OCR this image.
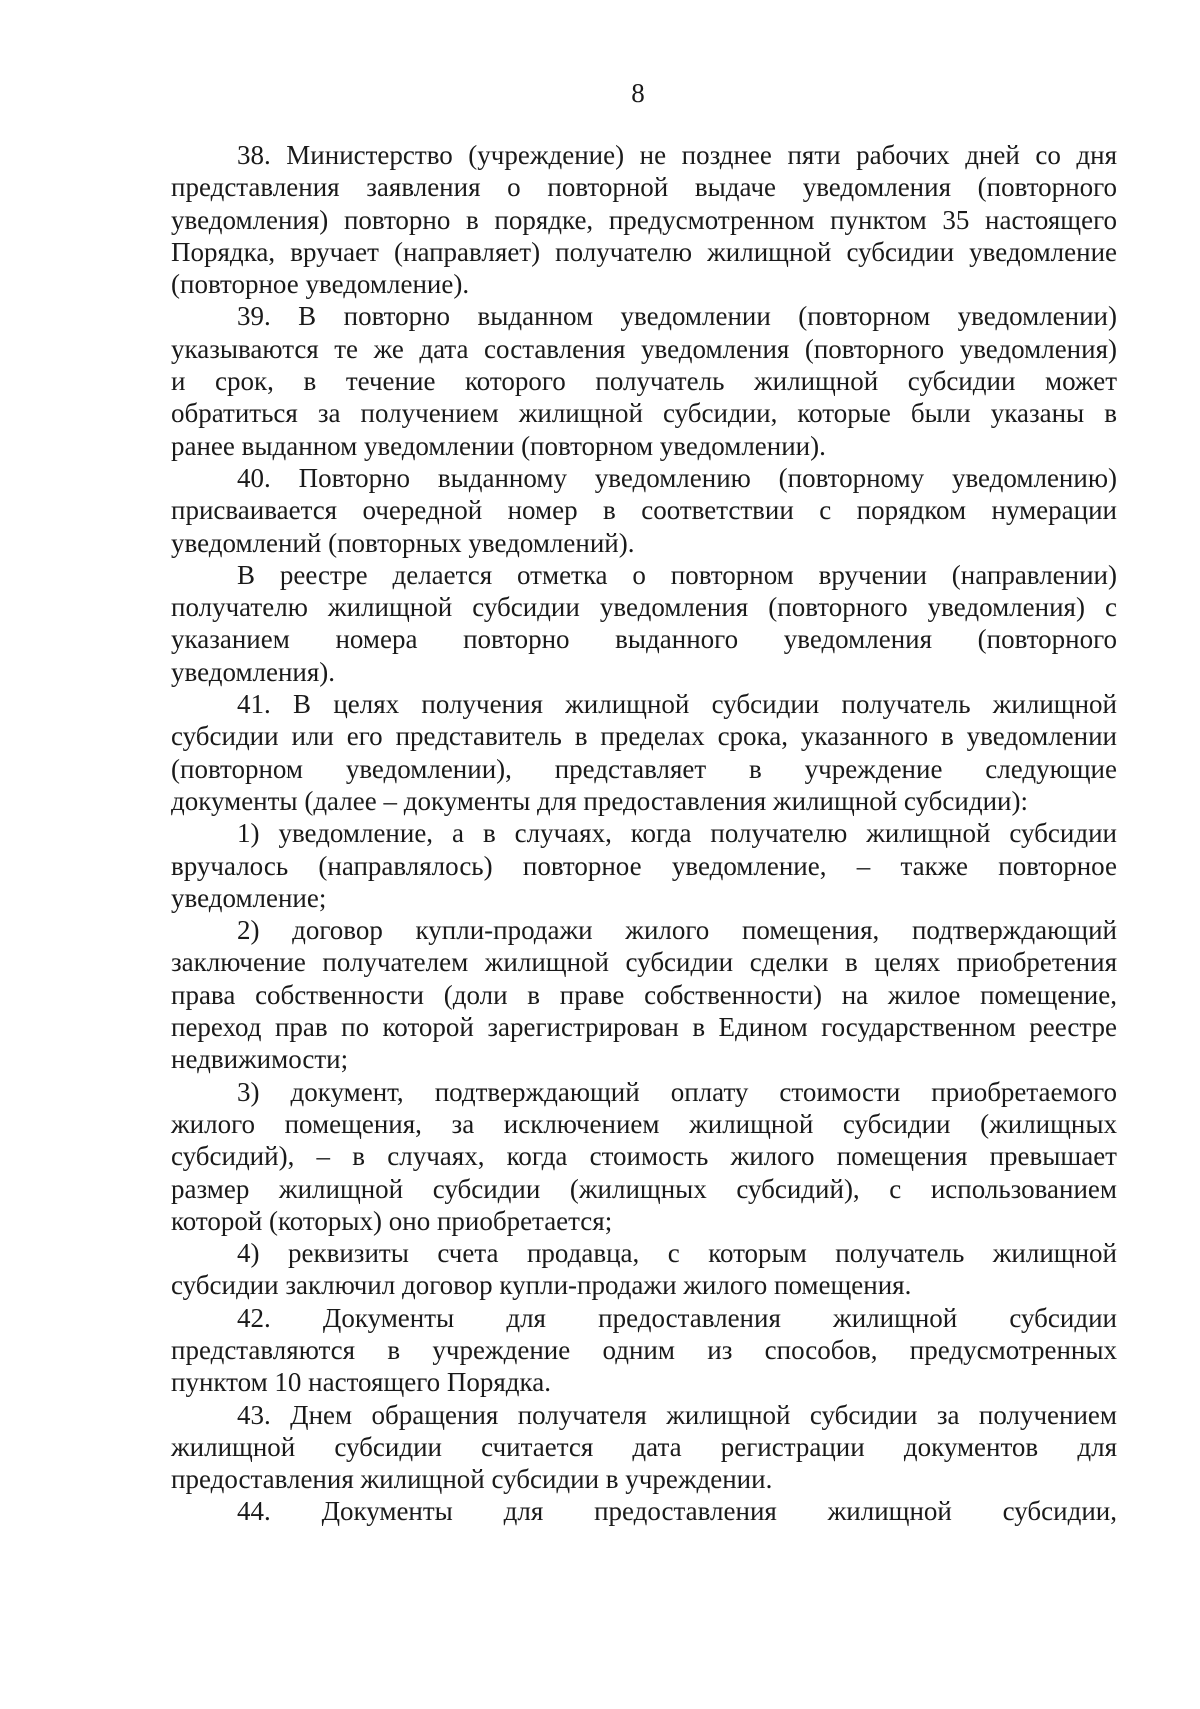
8
38. Министерство (учреждение) не позднее пяти рабочих дней со дня
представления заявления о повторной выдаче уведомления (повторного
уведомления) повторно в порядке, предусмотренном пунктом 35 настоящего
Порядка, вручает (направляет) получателю жилищной субсидии уведомление
(повторное уведомление).
39. В повторно выданном уведомлении (повторном уведомлении)
указываются те же дата составления уведомления (повторного уведомления)
и срок, в течение которого получатель жилищной субсидии может
обратиться за получением жилищной субсидии, которые были указаны в
ранее выданном уведомлении (повторном уведомлении).
40. Повторно выданному уведомлению (повторному уведомлению)
присваивается очередной номер в соответствии с порядком нумерации
уведомлений (повторных уведомлений).
В реестре делается отметка о повторном вручении (направлении)
получателю жилищной субсидии уведомления (повторного уведомления) с
указанием номера повторно выданного уведомления (повторного
уведомления).
41. В целях получения жилищной субсидии получатель жилищной
субсидии или его представитель в пределах срока, указанного в уведомлении
(повторном уведомлении), представляет в учреждение следующие
документы (далее – документы для предоставления жилищной субсидии):
1) уведомление, а в случаях, когда получателю жилищной субсидии
вручалось (направлялось) повторное уведомление, – также повторное
уведомление;
2) договор купли-продажи жилого помещения, подтверждающий
заключение получателем жилищной субсидии сделки в целях приобретения
права собственности (доли в праве собственности) на жилое помещение,
переход прав по которой зарегистрирован в Едином государственном реестре
недвижимости;
3) документ, подтверждающий оплату стоимости приобретаемого
жилого помещения, за исключением жилищной субсидии (жилищных
субсидий), – в случаях, когда стоимость жилого помещения превышает
размер жилищной субсидии (жилищных субсидий), с использованием
которой (которых) оно приобретается;
4) реквизиты счета продавца, с которым получатель жилищной
субсидии заключил договор купли-продажи жилого помещения.
42. Документы для предоставления жилищной субсидии
представляются в учреждение одним из способов, предусмотренных
пунктом 10 настоящего Порядка.
43. Днем обращения получателя жилищной субсидии за получением
жилищной субсидии считается дата регистрации документов для
предоставления жилищной субсидии в учреждении.
44. Документы для предоставления жилищной субсидии,
